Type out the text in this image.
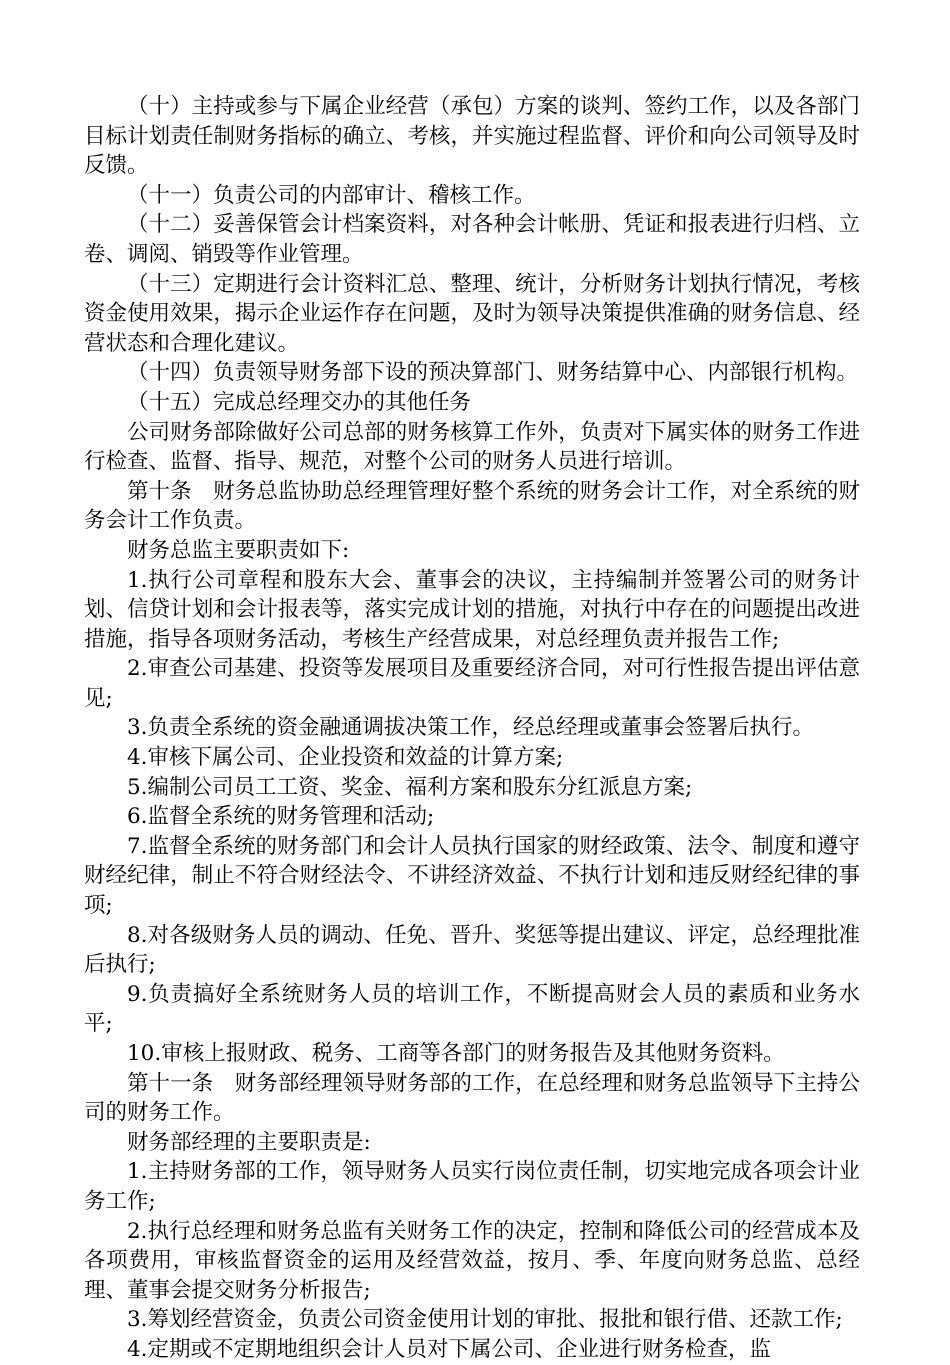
（十）主持或参与下属企业经营（承包）方案的谈判、签约工作，以及各部门目标计划责任制财务指标的确立、考核，并实施过程监督、评价和向公司领导及时反馈。

（十一）负责公司的内部审计、稽核工作。

（十二）妥善保管会计档案资料，对各种会计帐册、凭证和报表进行归档、立卷、调阅、销毁等作业管理。

（十三）定期进行会计资料汇总、整理、统计，分析财务计划执行情况，考核资金使用效果，揭示企业运作存在问题，及时为领导决策提供准确的财务信息、经营状态和合理化建议。

（十四）负责领导财务部下设的预决算部门、财务结算中心、内部银行机构。

（十五）完成总经理交办的其他任务

公司财务部除做好公司总部的财务核算工作外，负责对下属实体的财务工作进行检查、监督、指导、规范，对整个公司的财务人员进行培训。

第十条　财务总监协助总经理管理好整个系统的财务会计工作，对全系统的财务会计工作负责。

财务总监主要职责如下:

1.执行公司章程和股东大会、董事会的决议，主持编制并签署公司的财务计划、信贷计划和会计报表等，落实完成计划的措施，对执行中存在的问题提出改进措施，指导各项财务活动，考核生产经营成果，对总经理负责并报告工作;

2.审查公司基建、投资等发展项目及重要经济合同，对可行性报告提出评估意见;

3.负责全系统的资金融通调拔决策工作，经总经理或董事会签署后执行。

4.审核下属公司、企业投资和效益的计算方案;

5.编制公司员工工资、奖金、福利方案和股东分红派息方案;

6.监督全系统的财务管理和活动;

7.监督全系统的财务部门和会计人员执行国家的财经政策、法令、制度和遵守财经纪律，制止不符合财经法令、不讲经济效益、不执行计划和违反财经纪律的事项;

8.对各级财务人员的调动、任免、晋升、奖惩等提出建议、评定，总经理批准后执行;

9.负责搞好全系统财务人员的培训工作，不断提高财会人员的素质和业务水平;

10.审核上报财政、税务、工商等各部门的财务报告及其他财务资料。

第十一条　财务部经理领导财务部的工作，在总经理和财务总监领导下主持公司的财务工作。

财务部经理的主要职责是:

1.主持财务部的工作，领导财务人员实行岗位责任制，切实地完成各项会计业务工作;

2.执行总经理和财务总监有关财务工作的决定，控制和降低公司的经营成本及各项费用，审核监督资金的运用及经营效益，按月、季、年度向财务总监、总经理、董事会提交财务分析报告;

3.筹划经营资金，负责公司资金使用计划的审批、报批和银行借、还款工作;

4.定期或不定期地组织会计人员对下属公司、企业进行财务检查，监
